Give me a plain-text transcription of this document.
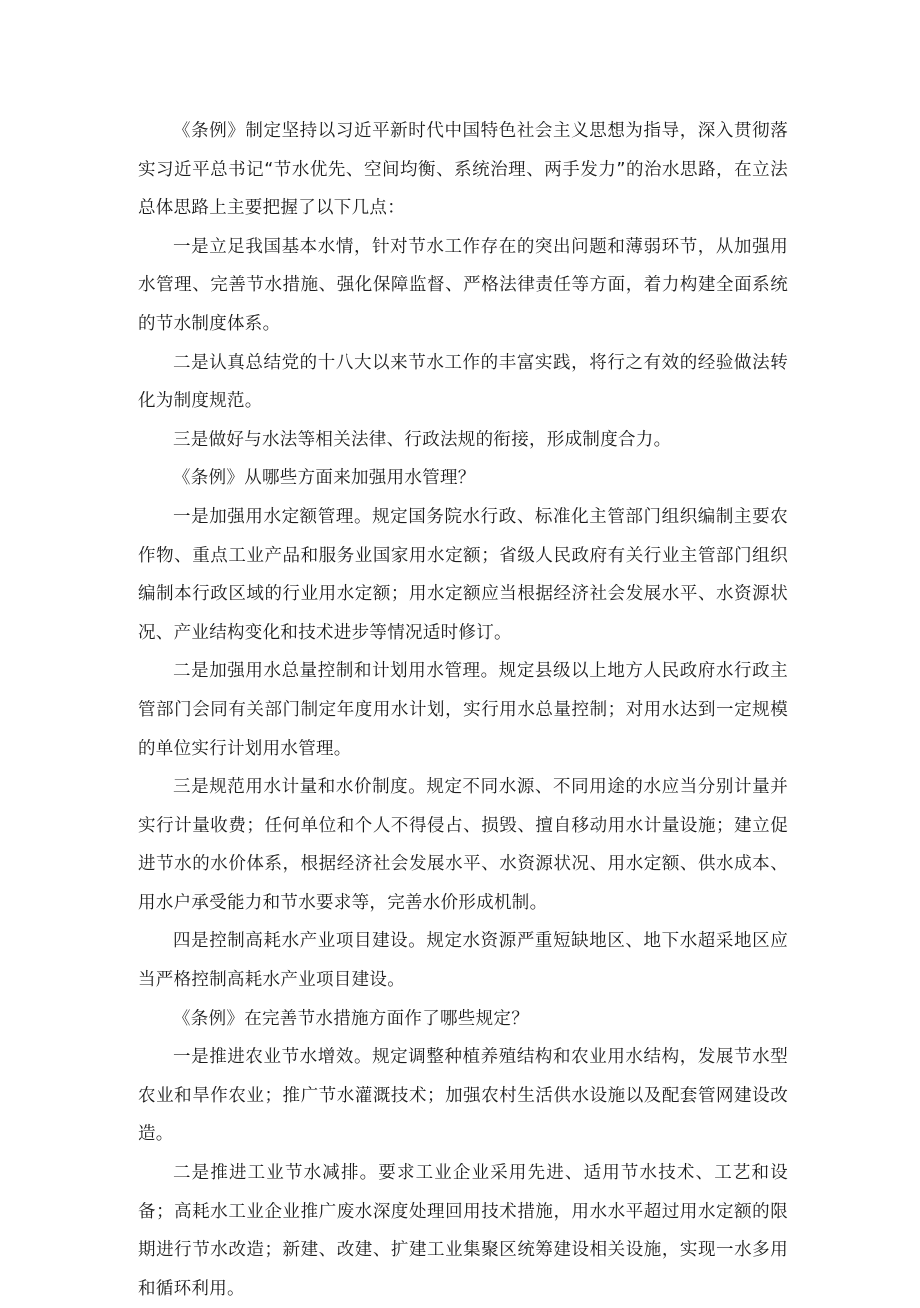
《条例》制定坚持以习近平新时代中国特色社会主义思想为指导，深入贯彻落实习近平总书记“节水优先、空间均衡、系统治理、两手发力”的治水思路，在立法总体思路上主要把握了以下几点：

一是立足我国基本水情，针对节水工作存在的突出问题和薄弱环节，从加强用水管理、完善节水措施、强化保障监督、严格法律责任等方面，着力构建全面系统的节水制度体系。

二是认真总结党的十八大以来节水工作的丰富实践，将行之有效的经验做法转化为制度规范。

三是做好与水法等相关法律、行政法规的衔接，形成制度合力。

《条例》从哪些方面来加强用水管理？

一是加强用水定额管理。规定国务院水行政、标准化主管部门组织编制主要农作物、重点工业产品和服务业国家用水定额；省级人民政府有关行业主管部门组织编制本行政区域的行业用水定额；用水定额应当根据经济社会发展水平、水资源状况、产业结构变化和技术进步等情况适时修订。

二是加强用水总量控制和计划用水管理。规定县级以上地方人民政府水行政主管部门会同有关部门制定年度用水计划，实行用水总量控制；对用水达到一定规模的单位实行计划用水管理。

三是规范用水计量和水价制度。规定不同水源、不同用途的水应当分别计量并实行计量收费；任何单位和个人不得侵占、损毁、擅自移动用水计量设施；建立促进节水的水价体系，根据经济社会发展水平、水资源状况、用水定额、供水成本、用水户承受能力和节水要求等，完善水价形成机制。

四是控制高耗水产业项目建设。规定水资源严重短缺地区、地下水超采地区应当严格控制高耗水产业项目建设。

《条例》在完善节水措施方面作了哪些规定？

一是推进农业节水增效。规定调整种植养殖结构和农业用水结构，发展节水型农业和旱作农业；推广节水灌溉技术；加强农村生活供水设施以及配套管网建设改造。

二是推进工业节水减排。要求工业企业采用先进、适用节水技术、工艺和设备；高耗水工业企业推广废水深度处理回用技术措施，用水水平超过用水定额的限期进行节水改造；新建、改建、扩建工业集聚区统筹建设相关设施，实现一水多用和循环利用。
